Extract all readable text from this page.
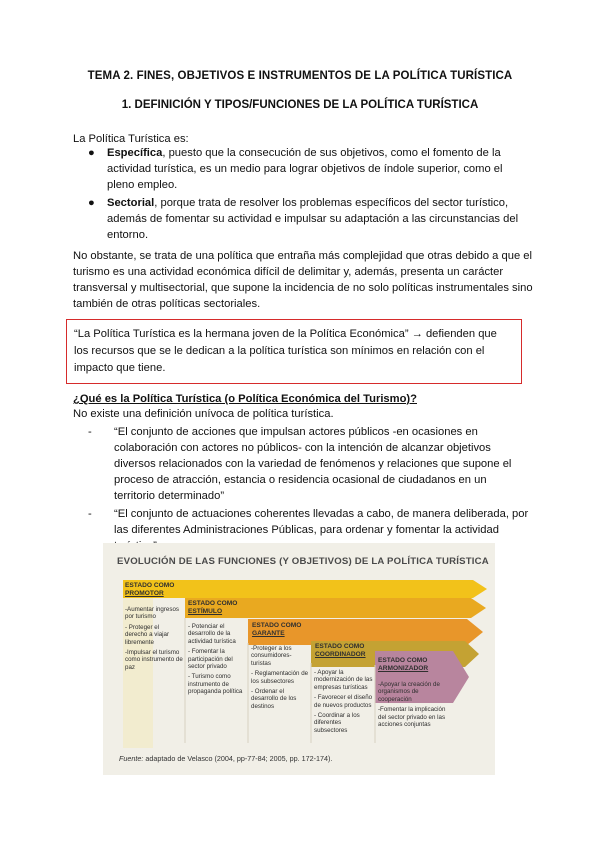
TEMA 2. FINES, OBJETIVOS E INSTRUMENTOS DE LA POLÍTICA TURÍSTICA
1. DEFINICIÓN Y TIPOS/FUNCIONES DE LA POLÍTICA TURÍSTICA
La Política Turística es:
● Específica, puesto que la consecución de sus objetivos, como el fomento de la actividad turística, es un medio para lograr objetivos de índole superior, como el pleno empleo.
● Sectorial, porque trata de resolver los problemas específicos del sector turístico, además de fomentar su actividad e impulsar su adaptación a las circunstancias del entorno.
No obstante, se trata de una política que entraña más complejidad que otras debido a que el turismo es una actividad económica difícil de delimitar y, además, presenta un carácter transversal y multisectorial, que supone la incidencia de no solo políticas instrumentales sino también de otras políticas sectoriales.
“La Política Turística es la hermana joven de la Política Económica” → defienden que los recursos que se le dedican a la política turística son mínimos en relación con el impacto que tiene.
¿Qué es la Política Turística (o Política Económica del Turismo)?
No existe una definición unívoca de política turística.
- “El conjunto de acciones que impulsan actores públicos -en ocasiones en colaboración con actores no públicos- con la intención de alcanzar objetivos diversos relacionados con la variedad de fenómenos y relaciones que supone el proceso de atracción, estancia o residencia ocasional de ciudadanos en un territorio determinado”
- “El conjunto de actuaciones coherentes llevadas a cabo, de manera deliberada, por las diferentes Administraciones Públicas, para ordenar y fomentar la actividad
EVOLUCIÓN DE LAS FUNCIONES (Y OBJETIVOS) DE LA POLÍTICA TURÍSTICA
ESTADO COMO
PROMOTOR
-Aumentar ingresos por turismo
- Proteger el derecho a viajar libremente
-Impulsar el turismo como instrumento de paz
ESTADO COMO
ESTÍMULO
- Potenciar el desarrollo de la actividad turística
- Fomentar la participación del sector privado
- Turismo como instrumento de propaganda política
ESTADO COMO
GARANTE
-Proteger a los consumidores-turistas
- Reglamentación de los subsectores
- Ordenar el desarrollo de los destinos
ESTADO COMO
COORDINADOR
- Apoyar la modernización de las empresas turísticas
- Favorecer el diseño de nuevos productos
- Coordinar a los diferentes subsectores
ESTADO COMO
ARMONIZADOR
-Apoyar la creación de organismos de cooperación
-Fomentar la implicación del sector privado en las acciones conjuntas
Fuente: adaptado de Velasco (2004, pp-77-84; 2005, pp. 172-174).
